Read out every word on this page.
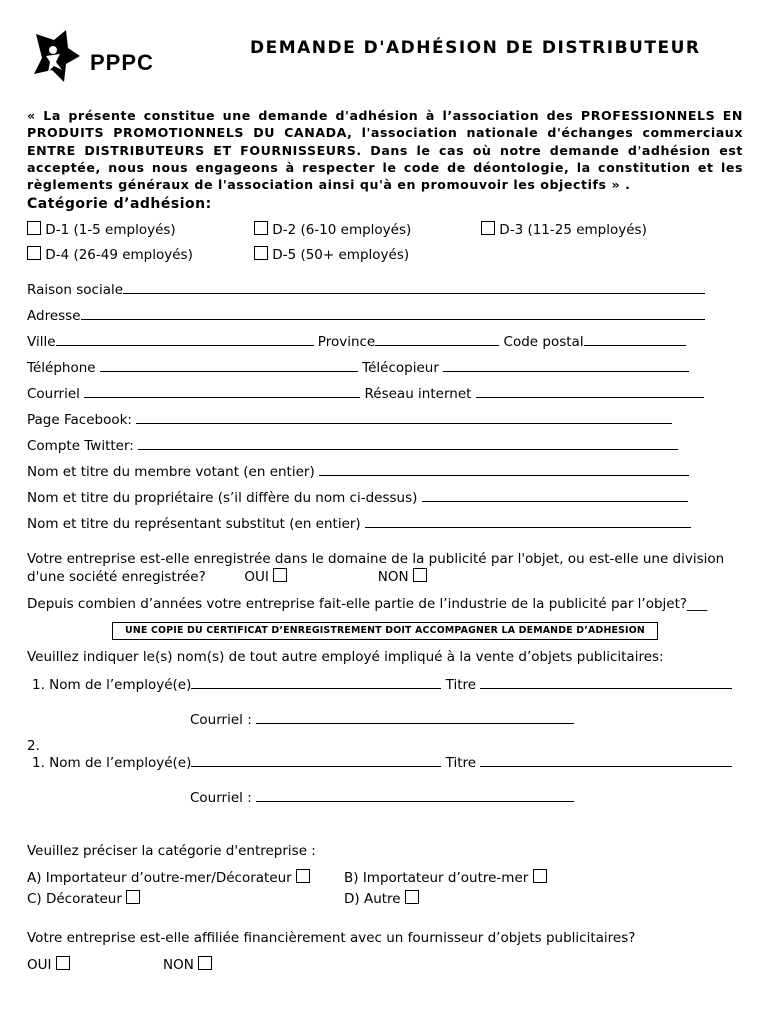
PPPC
DEMANDE D'ADHÉSION DE DISTRIBUTEUR
« La présente constitue une demande d'adhésion à l’association des PROFESSIONNELS EN PRODUITS PROMOTIONNELS DU CANADA, l'association nationale d'échanges commerciaux ENTRE DISTRIBUTEURS ET FOURNISSEURS. Dans le cas où notre demande d'adhésion est acceptée, nous nous engageons à respecter le code de déontologie, la constitution et les règlements généraux de l'association ainsi qu'à en promouvoir les objectifs » .
Catégorie d’adhésion:
D-1 (1-5 employés)	D-2 (6-10 employés)	D-3 (11-25 employés)
D-4 (26-49 employés)	D-5 (50+ employés)
Raison sociale
Adresse
Ville	Province	Code postal
Téléphone	Télécopieur
Courriel	Réseau internet
Page Facebook:
Compte Twitter:
Nom et titre du membre votant (en entier)
Nom et titre du propriétaire (s’il diffère du nom ci-dessus)
Nom et titre du représentant substitut (en entier)
Votre entreprise est-elle enregistrée dans le domaine de la publicité par l'objet, ou est-elle une division
d'une société enregistrée?	OUI	NON
Depuis combien d’années votre entreprise fait-elle partie de l’industrie de la publicité par l’objet?___
UNE COPIE DU CERTIFICAT D’ENREGISTREMENT DOIT ACCOMPAGNER LA DEMANDE D’ADHESION
Veuillez indiquer le(s) nom(s) de tout autre employé impliqué à la vente d’objets publicitaires:
1. Nom de l’employé(e)	Titre
Courriel :
2.
1. Nom de l’employé(e)	Titre
Courriel :
Veuillez préciser la catégorie d'entreprise :
A) Importateur d’outre-mer/Décorateur	B) Importateur d’outre-mer
C) Décorateur	D) Autre
Votre entreprise est-elle affiliée financièrement avec un fournisseur d’objets publicitaires?
OUI	NON
